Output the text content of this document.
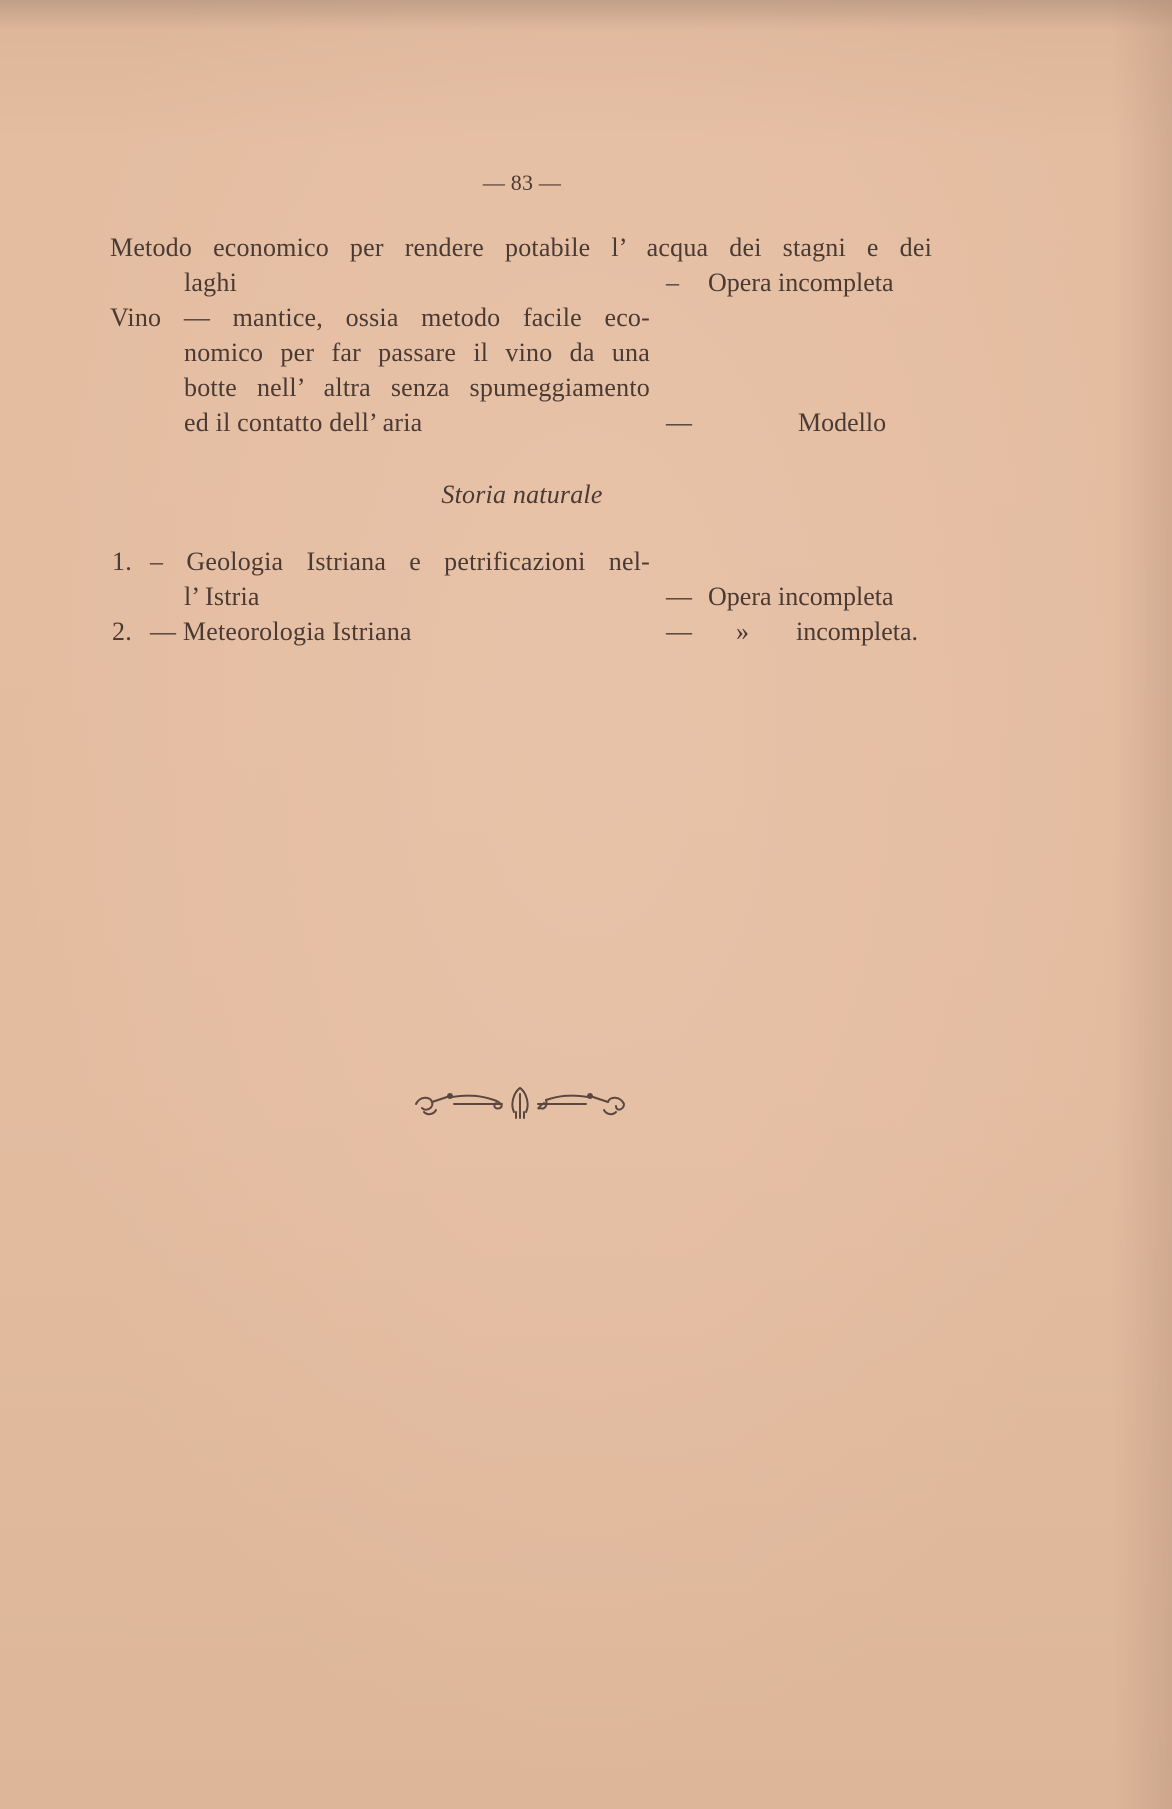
— 83 —
Metodo economico per rendere potabile l’ acqua dei stagni e dei
laghi	– Opera incompleta
Vino — mantice, ossia metodo facile eco-
nomico per far passare il vino da una
botte nell’ altra senza spumeggiamento
ed il contatto dell’ aria	—	Modello
Storia naturale
1. – Geologia Istriana e petrificazioni nel-
l’ Istria	— Opera incompleta
2. — Meteorologia Istriana	— » incompleta.
